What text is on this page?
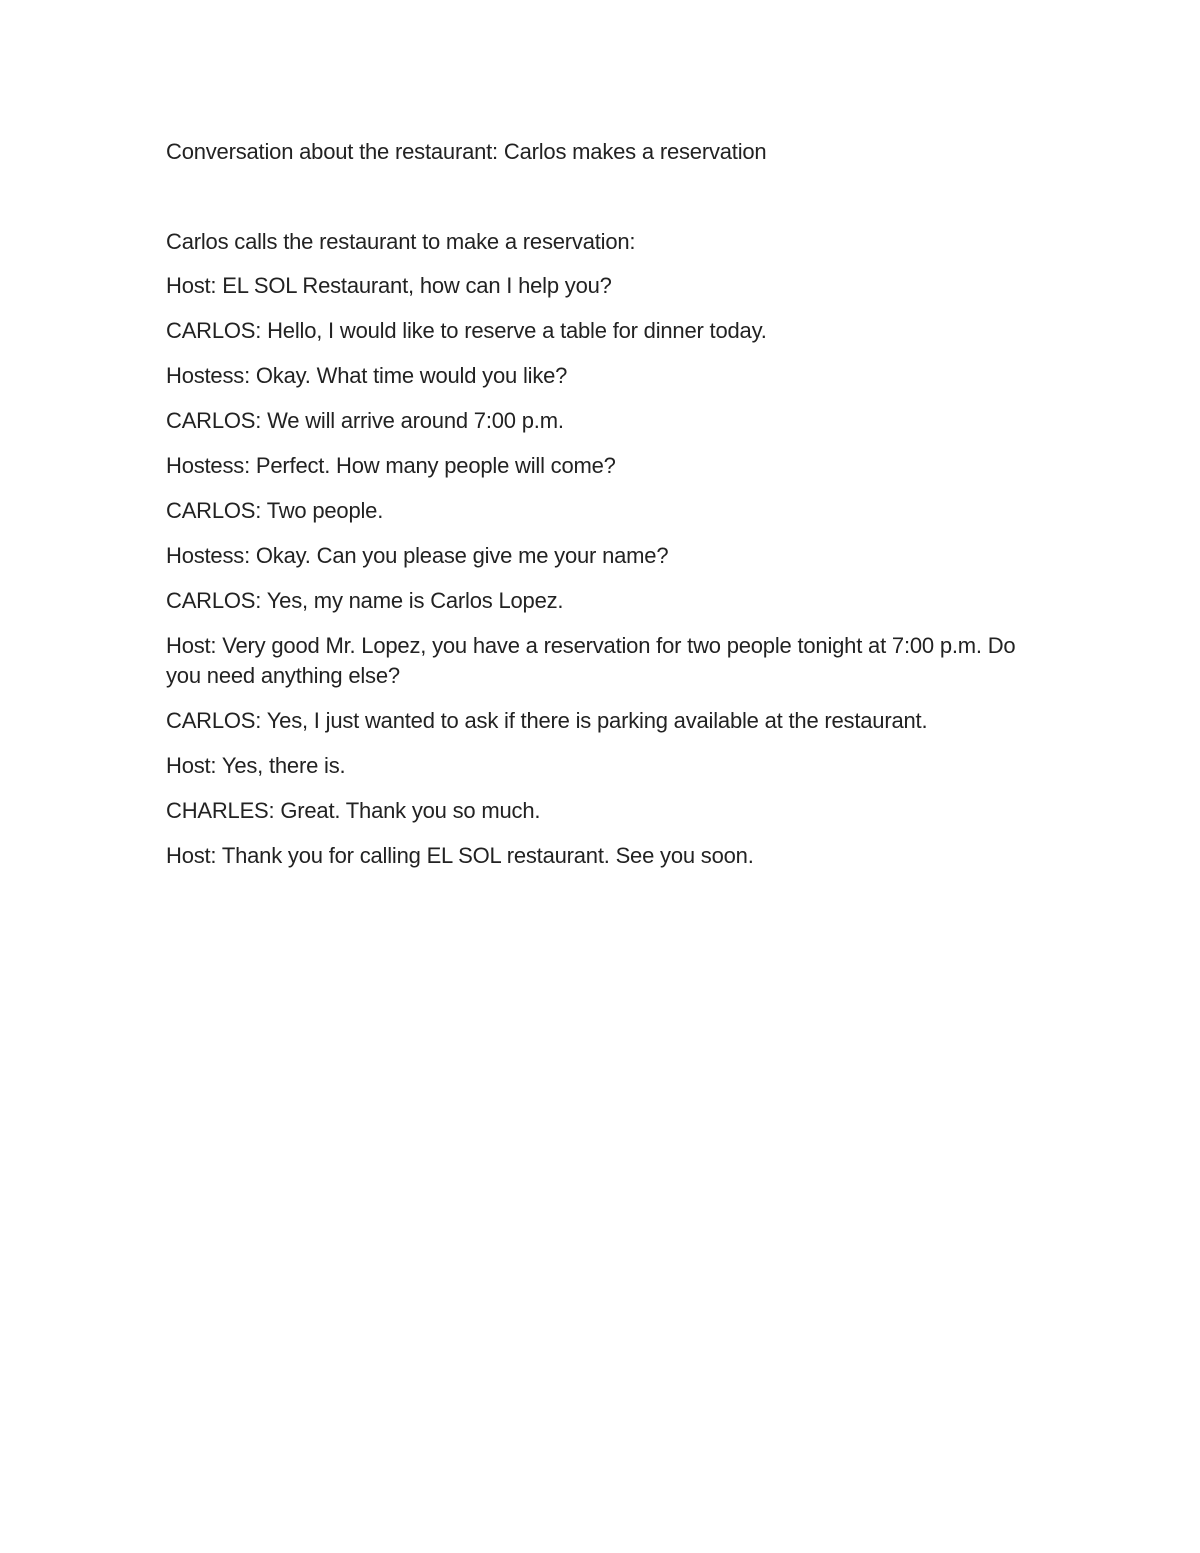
Conversation about the restaurant: Carlos makes a reservation

Carlos calls the restaurant to make a reservation:

Host: EL SOL Restaurant, how can I help you?

CARLOS: Hello, I would like to reserve a table for dinner today.

Hostess: Okay. What time would you like?

CARLOS: We will arrive around 7:00 p.m.

Hostess: Perfect. How many people will come?

CARLOS: Two people.

Hostess: Okay. Can you please give me your name?

CARLOS: Yes, my name is Carlos Lopez.

Host: Very good Mr. Lopez, you have a reservation for two people tonight at 7:00 p.m. Do you need anything else?

CARLOS: Yes, I just wanted to ask if there is parking available at the restaurant.

Host: Yes, there is.

CHARLES: Great. Thank you so much.

Host: Thank you for calling EL SOL restaurant. See you soon.
